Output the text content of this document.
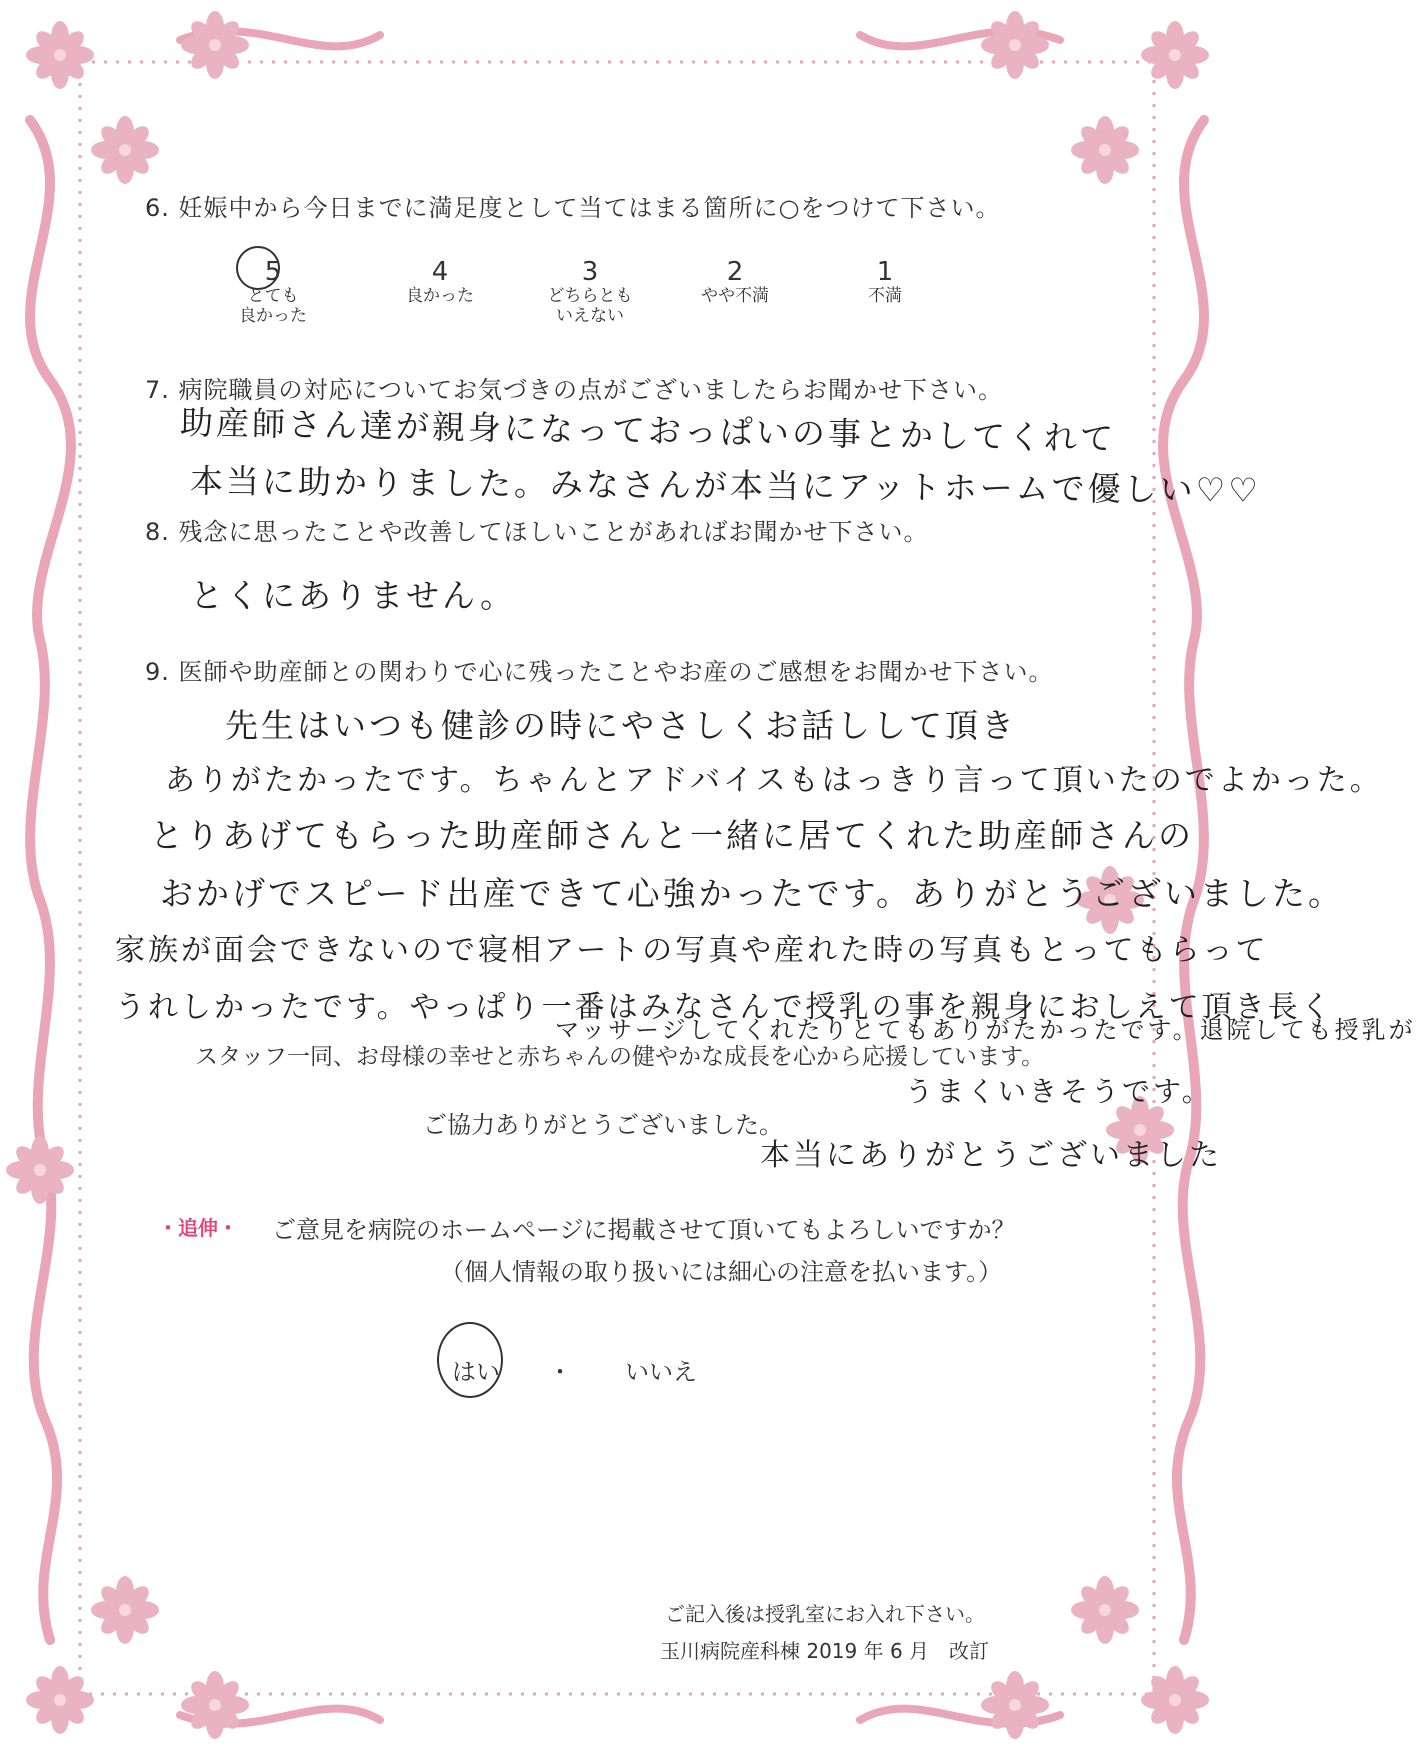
6. 妊娠中から今日までに満足度として当てはまる箇所に○をつけて下さい。
5
とても
良かった
4
良かった
3
どちらとも
いえない
2
やや不満
1
不満
7. 病院職員の対応についてお気づきの点がございましたらお聞かせ下さい。
助産師さん達が親身になっておっぱいの事とかしてくれて
本当に助かりました。みなさんが本当にアットホームで優しい♡♡
8. 残念に思ったことや改善してほしいことがあればお聞かせ下さい。
とくにありません。
9. 医師や助産師との関わりで心に残ったことやお産のご感想をお聞かせ下さい。
先生はいつも健診の時にやさしくお話しして頂き
ありがたかったです。ちゃんとアドバイスもはっきり言って頂いたのでよかった。
とりあげてもらった助産師さんと一緒に居てくれた助産師さんの
おかげでスピード出産できて心強かったです。ありがとうございました。
家族が面会できないので寝相アートの写真や産れた時の写真もとってもらって
うれしかったです。やっぱり一番はみなさんで授乳の事を親身におしえて頂き長く
マッサージしてくれたりとてもありがたかったです。退院しても授乳が
スタッフ一同、お母様の幸せと赤ちゃんの健やかな成長を心から応援しています。
うまくいきそうです。
ご協力ありがとうございました。
本当にありがとうございました
・追伸・ ご意見を病院のホームページに掲載させて頂いてもよろしいですか？
（個人情報の取り扱いには細心の注意を払います。）
はい ・ いいえ
ご記入後は授乳室にお入れ下さい。
玉川病院産科棟 2019 年 6 月　改訂
